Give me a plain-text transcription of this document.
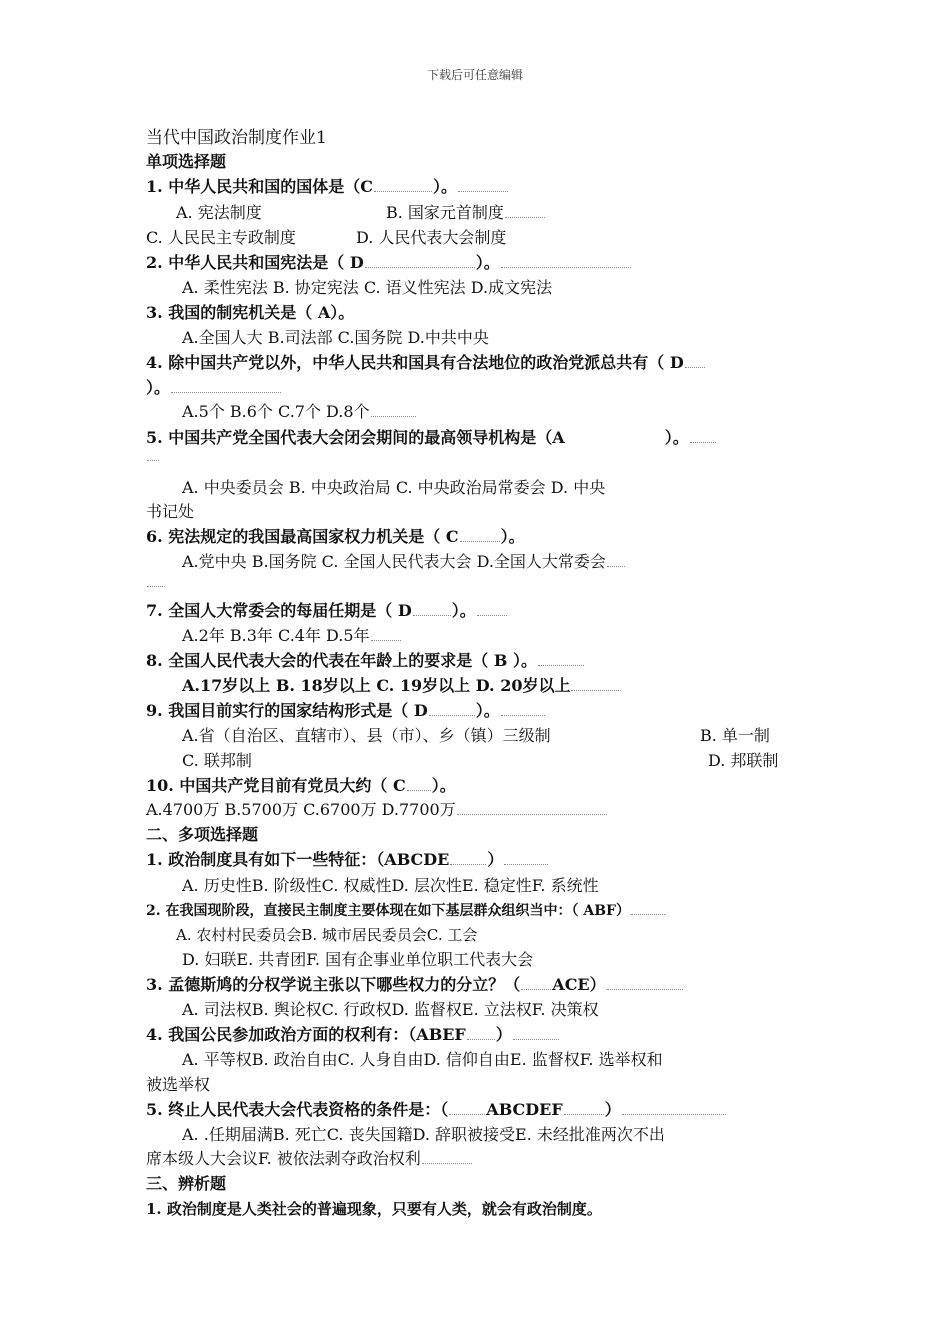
下载后可任意编辑
当代中国政治制度作业1
单项选择题
1. 中华人民共和国的国体是（C	）。
A. 宪法制度	B. 国家元首制度
C. 人民民主专政制度	D. 人民代表大会制度
2. 中华人民共和国宪法是（ D	）。
A. 柔性宪法 B. 协定宪法 C. 语义性宪法 D.成文宪法
3. 我国的制宪机关是（ A）。
A.全国人大 B.司法部 C.国务院 D.中共中央
4. 除中国共产党以外，中华人民共和国具有合法地位的政治党派总共有（ D
）。
A.5个 B.6个 C.7个 D.8个
5. 中国共产党全国代表大会闭会期间的最高领导机构是（A	）。
A. 中央委员会 B. 中央政治局 C. 中央政治局常委会 D. 中央
书记处
6. 宪法规定的我国最高国家权力机关是（ C	）。
A.党中央 B.国务院 C. 全国人民代表大会 D.全国人大常委会
7. 全国人大常委会的每届任期是（ D	）。
A.2年 B.3年 C.4年 D.5年
8. 全国人民代表大会的代表在年龄上的要求是（ B ）。
A.17岁以上 B. 18岁以上 C. 19岁以上 D. 20岁以上
9. 我国目前实行的国家结构形式是（ D	）。
A.省（自治区、直辖市）、县（市）、乡（镇）三级制	B. 单一制
C. 联邦制	D. 邦联制
10. 中国共产党目前有党员大约（ C ）。
A.4700万 B.5700万 C.6700万 D.7700万
二、多项选择题
1. 政治制度具有如下一些特征：（ABCDE ）
A. 历史性B. 阶级性C. 权威性D. 层次性E. 稳定性F. 系统性
2. 在我国现阶段，直接民主制度主要体现在如下基层群众组织当中：（ ABF）
A. 农村村民委员会B. 城市居民委员会C. 工会
D. 妇联E. 共青团F. 国有企事业单位职工代表大会
3. 孟德斯鸠的分权学说主张以下哪些权力的分立？（ ACE）
A. 司法权B. 舆论权C. 行政权D. 监督权E. 立法权F. 决策权
4. 我国公民参加政治方面的权利有：（ABEF ）
A. 平等权B. 政治自由C. 人身自由D. 信仰自由E. 监督权F. 选举权和
被选举权
5. 终止人民代表大会代表资格的条件是：（ ABCDEF	）
A. .任期届满B. 死亡C. 丧失国籍D. 辞职被接受E. 未经批准两次不出
席本级人大会议F. 被依法剥夺政治权利
三、辨析题
1. 政治制度是人类社会的普遍现象，只要有人类，就会有政治制度。
